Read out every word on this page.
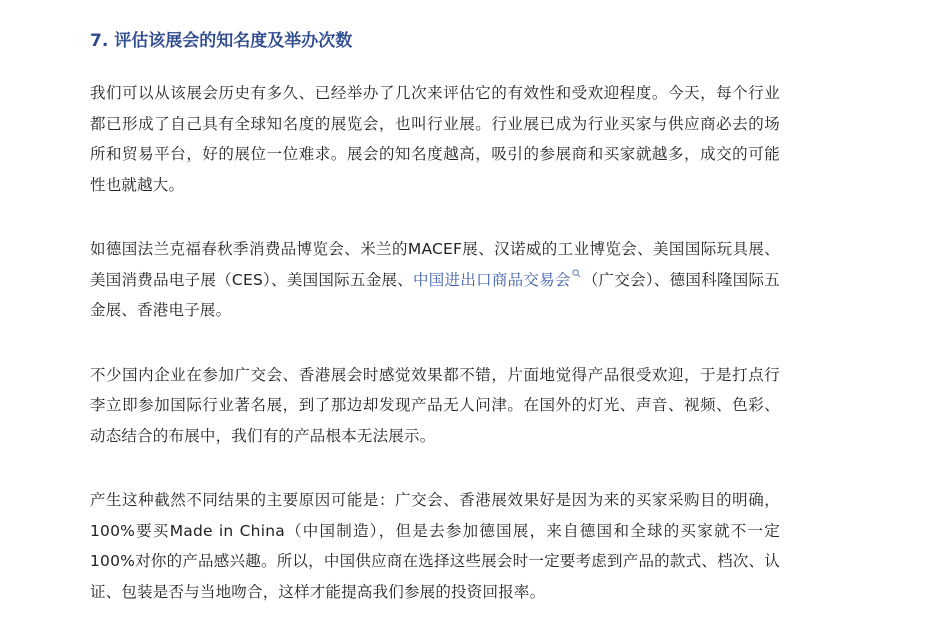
7. 评估该展会的知名度及举办次数

我们可以从该展会历史有多久、已经举办了几次来评估它的有效性和受欢迎程度。今天，每个行业都已形成了自己具有全球知名度的展览会，也叫行业展。行业展已成为行业买家与供应商必去的场所和贸易平台，好的展位一位难求。展会的知名度越高，吸引的参展商和买家就越多，成交的可能性也就越大。

如德国法兰克福春秋季消费品博览会、米兰的MACEF展、汉诺威的工业博览会、美国国际玩具展、美国消费品电子展（CES）、美国国际五金展、中国进出口商品交易会 （广交会）、德国科隆国际五金展、香港电子展。

不少国内企业在参加广交会、香港展会时感觉效果都不错，片面地觉得产品很受欢迎，于是打点行李立即参加国际行业著名展，到了那边却发现产品无人问津。在国外的灯光、声音、视频、色彩、动态结合的布展中，我们有的产品根本无法展示。

产生这种截然不同结果的主要原因可能是：广交会、香港展效果好是因为来的买家采购目的明确，100%要买Made in China（中国制造），但是去参加德国展，来自德国和全球的买家就不一定100%对你的产品感兴趣。所以，中国供应商在选择这些展会时一定要考虑到产品的款式、档次、认证、包装是否与当地吻合，这样才能提高我们参展的投资回报率。
